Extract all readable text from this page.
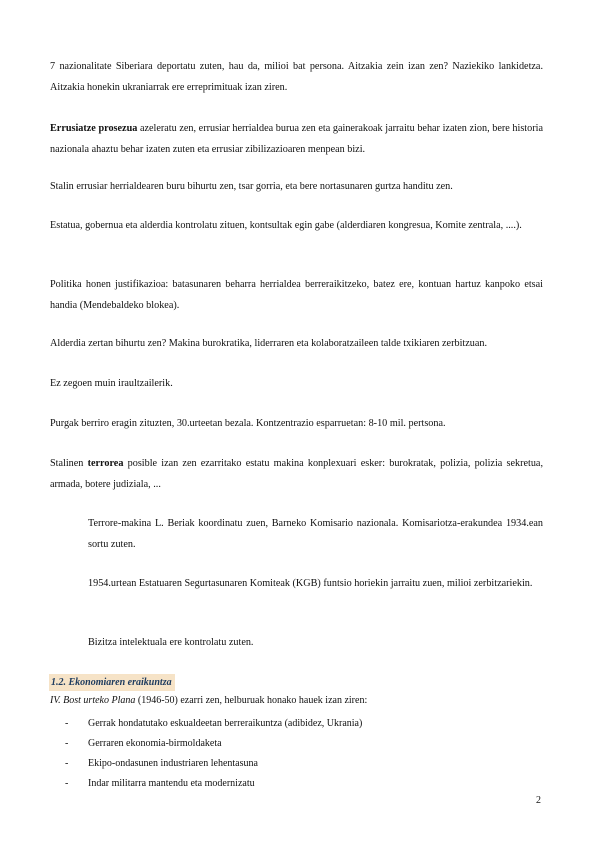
7 nazionalitate Siberiara deportatu zuten, hau da, milioi bat persona. Aitzakia zein izan zen? Naziekiko lankidetza. Aitzakia honekin ukraniarrak ere erreprimituak izan ziren.

Errusiatze prosezua azeleratu zen, errusiar herrialdea burua zen eta gainerakoak jarraitu behar izaten zion, bere historia nazionala ahaztu behar izaten zuten eta errusiar zibilizazioaren menpean bizi.

Stalin errusiar herrialdearen buru bihurtu zen, tsar gorria, eta bere nortasunaren gurtza handitu zen.

Estatua, gobernua eta alderdia kontrolatu zituen, kontsultak egin gabe (alderdiaren kongresua, Komite zentrala, ....).

Politika honen justifikazioa: batasunaren beharra herrialdea berreraikitzeko, batez ere, kontuan hartuz kanpoko etsai handia (Mendebaldeko blokea).

Alderdia zertan bihurtu zen? Makina burokratika, liderraren eta kolaboratzaileen talde txikiaren zerbitzuan.

Ez zegoen muin iraultzailerik.

Purgak berriro eragin zituzten, 30.urteetan bezala. Kontzentrazio esparruetan: 8-10 mil. pertsona.

Stalinen terrorea posible izan zen ezarritako estatu makina konplexuari esker: burokratak, polizia, polizia sekretua, armada, botere judiziala, ...

Terrore-makina L. Beriak koordinatu zuen, Barneko Komisario nazionala. Komisariotza-erakundea 1934.ean sortu zuten.

1954.urtean Estatuaren Segurtasunaren Komiteak (KGB) funtsio horiekin jarraitu zuen, milioi zerbitzariekin.

Bizitza intelektuala ere kontrolatu zuten.

1.2. Ekonomiaren eraikuntza
IV. Bost urteko Plana (1946-50) ezarri zen, helburuak honako hauek izan ziren:
- Gerrak hondatutako eskualdeetan berreraikuntza (adibidez, Ukrania)
- Gerraren ekonomia-birmoldaketa
- Ekipo-ondasunen industriaren lehentasuna
- Indar militarra mantendu eta modernizatu
2
